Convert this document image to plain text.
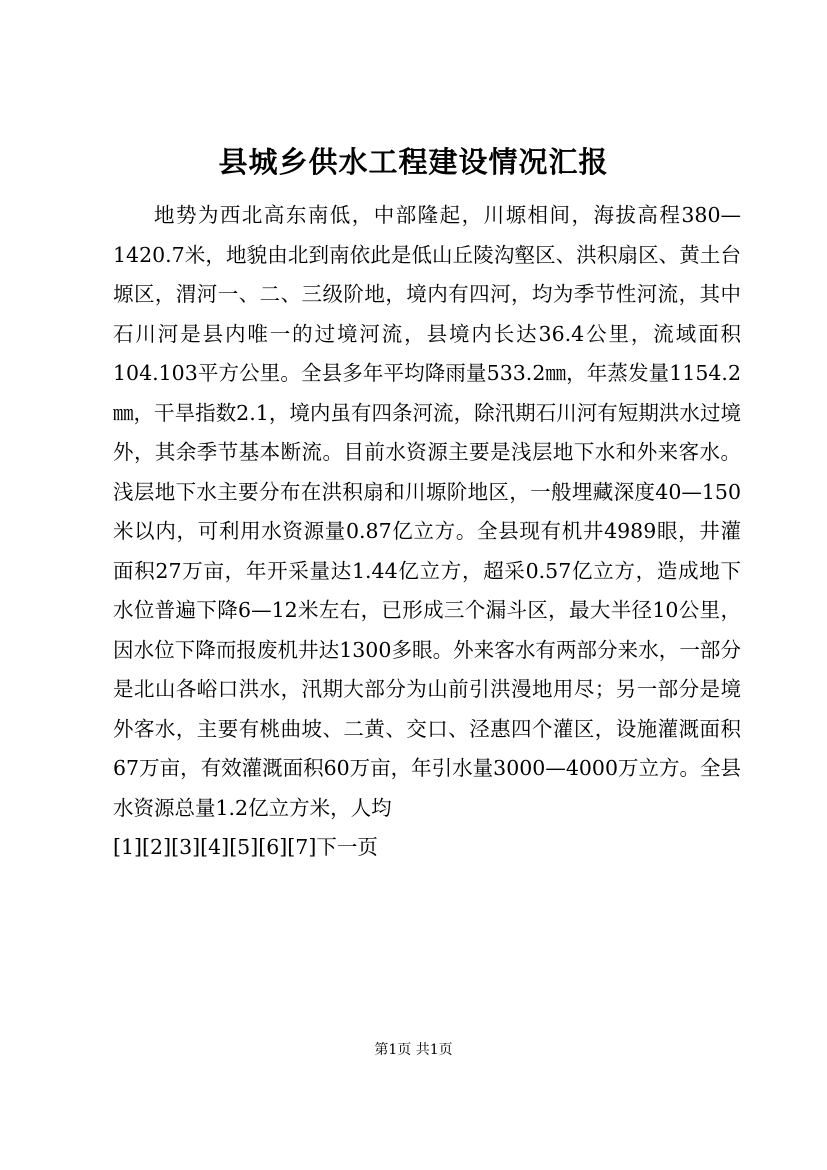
县城乡供水工程建设情况汇报

地势为西北高东南低，中部隆起，川塬相间，海拔高程380—1420.7米，地貌由北到南依此是低山丘陵沟壑区、洪积扇区、黄土台塬区，渭河一、二、三级阶地，境内有四河，均为季节性河流，其中石川河是县内唯一的过境河流，县境内长达36.4公里，流域面积104.103平方公里。全县多年平均降雨量533.2㎜，年蒸发量1154.2㎜，干旱指数2.1，境内虽有四条河流，除汛期石川河有短期洪水过境外，其余季节基本断流。目前水资源主要是浅层地下水和外来客水。浅层地下水主要分布在洪积扇和川塬阶地区，一般埋藏深度40—150米以内，可利用水资源量0.87亿立方。全县现有机井4989眼，井灌面积27万亩，年开采量达1.44亿立方，超采0.57亿立方，造成地下水位普遍下降6—12米左右，已形成三个漏斗区，最大半径10公里，因水位下降而报废机井达1300多眼。外来客水有两部分来水，一部分是北山各峪口洪水，汛期大部分为山前引洪漫地用尽；另一部分是境外客水，主要有桃曲坡、二黄、交口、泾惠四个灌区，设施灌溉面积67万亩，有效灌溉面积60万亩，年引水量3000—4000万立方。全县水资源总量1.2亿立方米，人均

[1][2][3][4][5][6][7]下一页

第1页 共1页
